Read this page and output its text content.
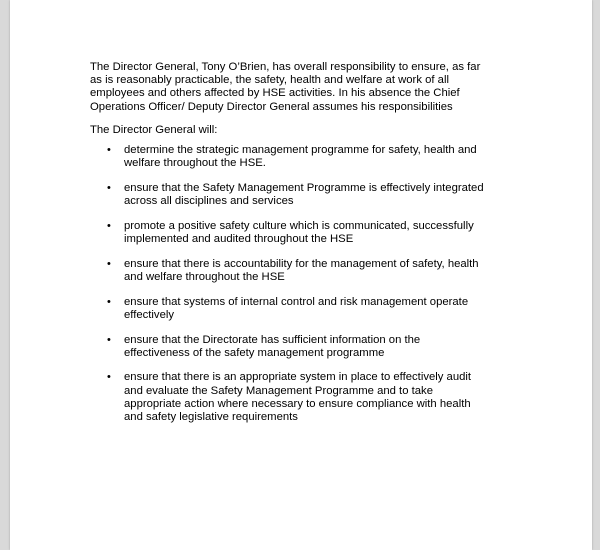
The Director General, Tony O’Brien, has overall responsibility to ensure, as far
as is reasonably practicable, the safety, health and welfare at work of all
employees and others affected by HSE activities. In his absence the Chief
Operations Officer/ Deputy Director General assumes his responsibilities

The Director General will:

• determine the strategic management programme for safety, health and
welfare throughout the HSE.
• ensure that the Safety Management Programme is effectively integrated
across all disciplines and services
• promote a positive safety culture which is communicated, successfully
implemented and audited throughout the HSE
• ensure that there is accountability for the management of safety, health
and welfare throughout the HSE
• ensure that systems of internal control and risk management operate
effectively
• ensure that the Directorate has sufficient information on the
effectiveness of the safety management programme
• ensure that there is an appropriate system in place to effectively audit
and evaluate the Safety Management Programme and to take
appropriate action where necessary to ensure compliance with health
and safety legislative requirements
